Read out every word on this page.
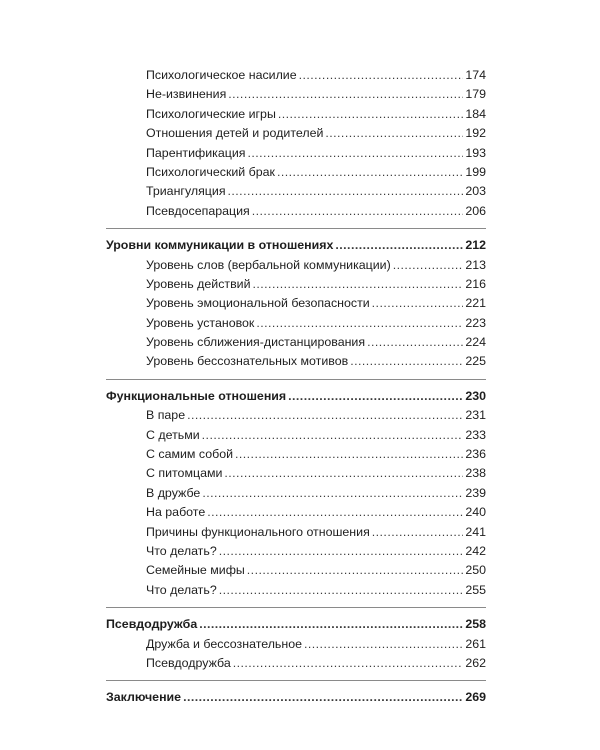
Психологическое насилие . . .	174
Не-извинения . . .	179
Психологические игры . . .	184
Отношения детей и родителей . . .	192
Парентификация . . .	193
Психологический брак . . .	199
Триангуляция . . .	203
Псевдосепарация . . .	206
Уровни коммуникации в отношениях . . .	212
Уровень слов (вербальной коммуникации) . . .	213
Уровень действий . . .	216
Уровень эмоциональной безопасности . . .	221
Уровень установок . . .	223
Уровень сближения-дистанцирования . . .	224
Уровень бессознательных мотивов . . .	225
Функциональные отношения . . .	230
В паре . . .	231
С детьми . . .	233
С самим собой . . .	236
С питомцами . . .	238
В дружбе . . .	239
На работе . . .	240
Причины функционального отношения . . .	241
Что делать? . . .	242
Семейные мифы . . .	250
Что делать? . . .	255
Псевдодружба . . .	258
Дружба и бессознательное . . .	261
Псевдодружба . . .	262
Заключение . . .	269
